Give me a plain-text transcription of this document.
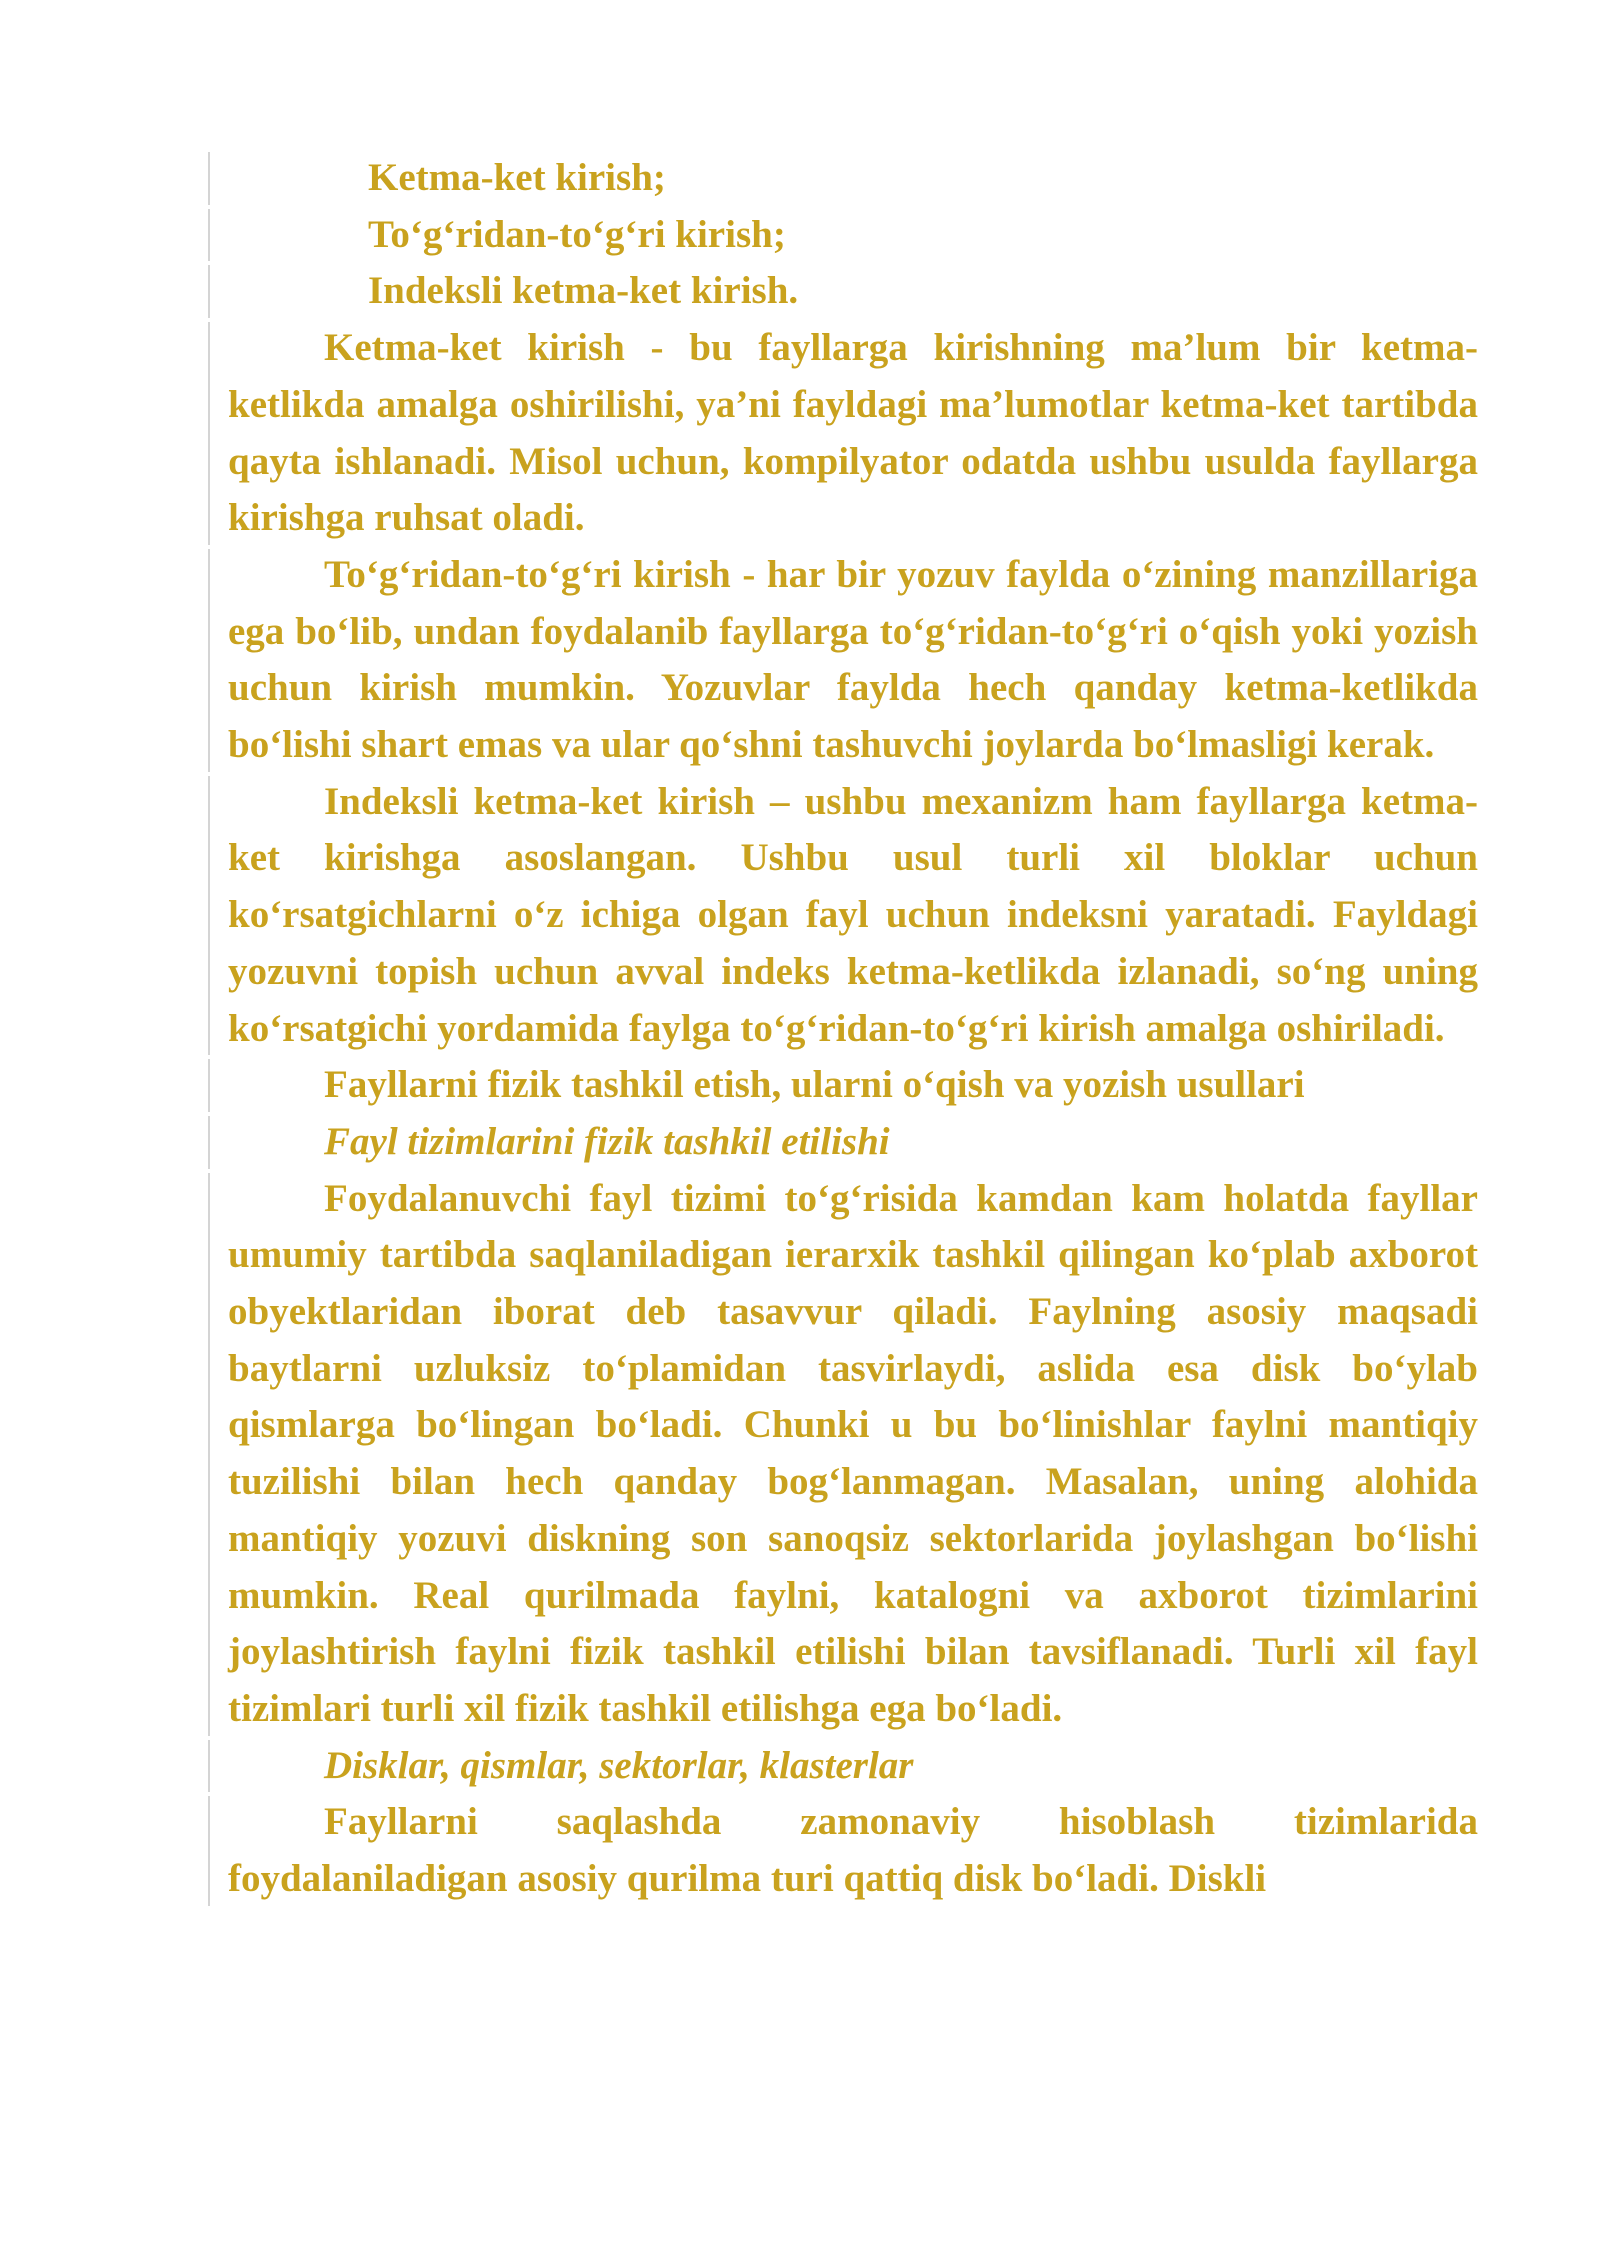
Ketma-ket kirish;

To‘g‘ridan-to‘g‘ri kirish;

Indeksli ketma-ket kirish.

Ketma-ket kirish - bu fayllarga kirishning ma’lum bir ketma-ketlikda amalga oshirilishi, ya’ni fayldagi ma’lumotlar ketma-ket tartibda qayta ishlanadi. Misol uchun, kompilyator odatda ushbu usulda fayllarga kirishga ruhsat oladi.

To‘g‘ridan-to‘g‘ri kirish - har bir yozuv faylda o‘zining manzillariga ega bo‘lib, undan foydalanib fayllarga to‘g‘ridan-to‘g‘ri o‘qish yoki yozish uchun kirish mumkin. Yozuvlar faylda hech qanday ketma-ketlikda bo‘lishi shart emas va ular qo‘shni tashuvchi joylarda bo‘lmasligi kerak.

Indeksli ketma-ket kirish – ushbu mexanizm ham fayllarga ketma-ket kirishga asoslangan. Ushbu usul turli xil bloklar uchun ko‘rsatgichlarni o‘z ichiga olgan fayl uchun indeksni yaratadi. Fayldagi yozuvni topish uchun avval indeks ketma-ketlikda izlanadi, so‘ng uning ko‘rsatgichi yordamida faylga to‘g‘ridan-to‘g‘ri kirish amalga oshiriladi.

Fayllarni fizik tashkil etish, ularni o‘qish va yozish usullari

Fayl tizimlarini fizik tashkil etilishi

Foydalanuvchi fayl tizimi to‘g‘risida kamdan kam holatda fayllar umumiy tartibda saqlaniladigan ierarxik tashkil qilingan ko‘plab axborot obyektlaridan iborat deb tasavvur qiladi. Faylning asosiy maqsadi baytlarni uzluksiz to‘plamidan tasvirlaydi, aslida esa disk bo‘ylab qismlarga bo‘lingan bo‘ladi. Chunki u bu bo‘linishlar faylni mantiqiy tuzilishi bilan hech qanday bog‘lanmagan. Masalan, uning alohida mantiqiy yozuvi diskning son sanoqsiz sektorlarida joylashgan bo‘lishi mumkin. Real qurilmada faylni, katalogni va axborot tizimlarini joylashtirish faylni fizik tashkil etilishi bilan tavsiflanadi. Turli xil fayl tizimlari turli xil fizik tashkil etilishga ega bo‘ladi.

Disklar, qismlar, sektorlar, klasterlar

Fayllarni saqlashda zamonaviy hisoblash tizimlarida foydalaniladigan asosiy qurilma turi qattiq disk bo‘ladi. Diskli
